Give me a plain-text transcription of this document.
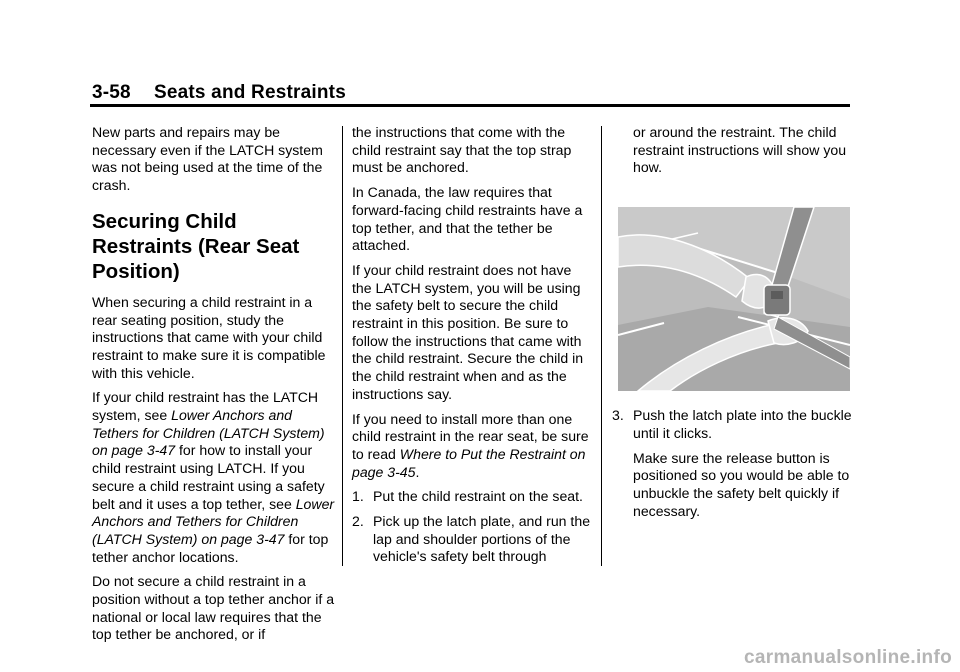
3-58 Seats and Restraints

New parts and repairs may be necessary even if the LATCH system was not being used at the time of the crash.

Securing Child Restraints (Rear Seat Position)

When securing a child restraint in a rear seating position, study the instructions that came with your child restraint to make sure it is compatible with this vehicle.

If your child restraint has the LATCH system, see Lower Anchors and Tethers for Children (LATCH System) on page 3-47 for how to install your child restraint using LATCH. If you secure a child restraint using a safety belt and it uses a top tether, see Lower Anchors and Tethers for Children (LATCH System) on page 3-47 for top tether anchor locations.

Do not secure a child restraint in a position without a top tether anchor if a national or local law requires that the top tether be anchored, or if

the instructions that come with the child restraint say that the top strap must be anchored.

In Canada, the law requires that forward-facing child restraints have a top tether, and that the tether be attached.

If your child restraint does not have the LATCH system, you will be using the safety belt to secure the child restraint in this position. Be sure to follow the instructions that came with the child restraint. Secure the child in the child restraint when and as the instructions say.

If you need to install more than one child restraint in the rear seat, be sure to read Where to Put the Restraint on page 3-45.

1. Put the child restraint on the seat.
2. Pick up the latch plate, and run the lap and shoulder portions of the vehicle's safety belt through

or around the restraint. The child restraint instructions will show you how.

3. Push the latch plate into the buckle until it clicks.

Make sure the release button is positioned so you would be able to unbuckle the safety belt quickly if necessary.

carmanualsonline.info
